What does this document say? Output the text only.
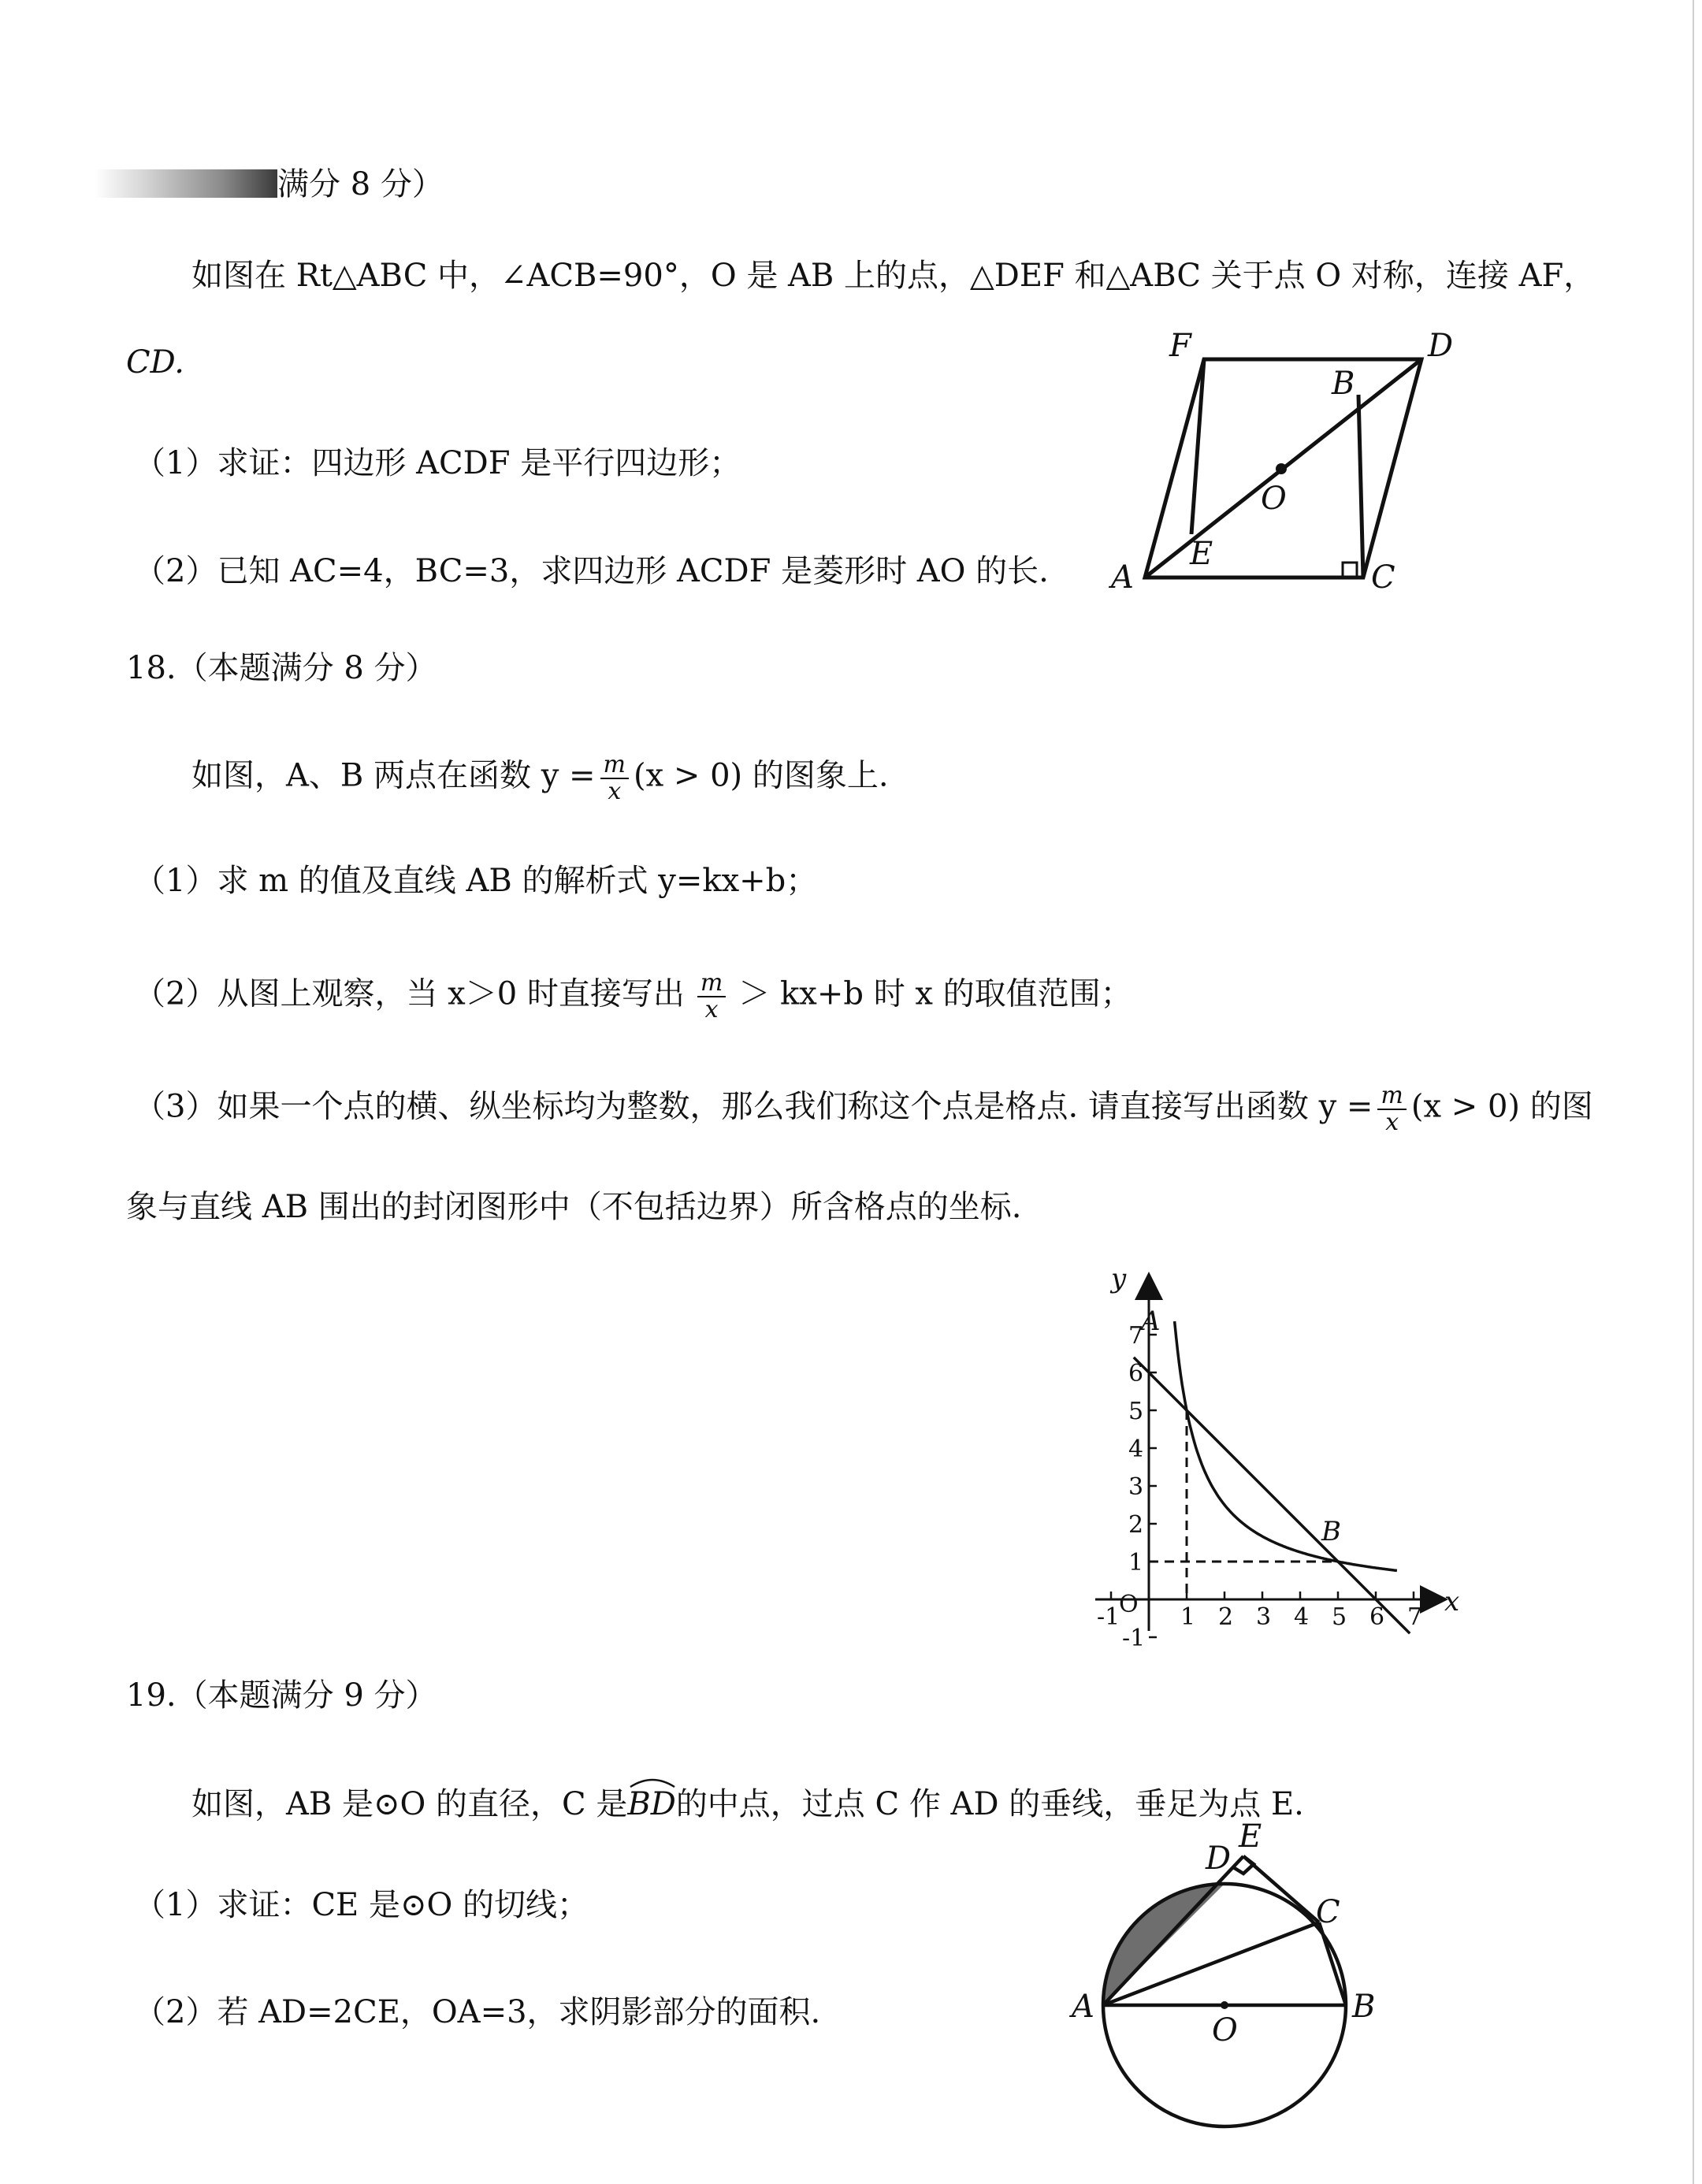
满分 8 分）
如图在 Rt△ABC 中，∠ACB=90°，O 是 AB 上的点，△DEF 和△ABC 关于点 O 对称，连接 AF，
CD.
（1）求证：四边形 ACDF 是平行四边形；
（2）已知 AC=4，BC=3，求四边形 ACDF 是菱形时 AO 的长.
F	D
B
O
E
A	C
18.（本题满分 8 分）
如图，A、B 两点在函数 $y = \frac{m}{x} (x > 0)$ 的图象上.
（1）求 m 的值及直线 AB 的解析式 y=kx+b；
（2）从图上观察，当 x＞0 时直接写出 $\frac{m}{x} > kx+b$ 时 x 的取值范围；
（3）如果一个点的横、纵坐标均为整数，那么我们称这个点是格点. 请直接写出函数 $y = \frac{m}{x} (x > 0)$ 的图
象与直线 AB 围出的封闭图形中（不包括边界）所含格点的坐标.
-1	1 2 3 4 5 6 7
-1
1
2
3
4
5
6
7
x
y
A
B
O
19.（本题满分 9 分）
如图，AB 是⊙O 的直径，C 是
BD的中点，过点 C 作 AD 的垂线，垂足为点 E.
（1）求证：CE 是⊙O 的切线；
（2）若 AD=2CE，OA=3，求阴影部分的面积.	A	B
C
D
E
O
